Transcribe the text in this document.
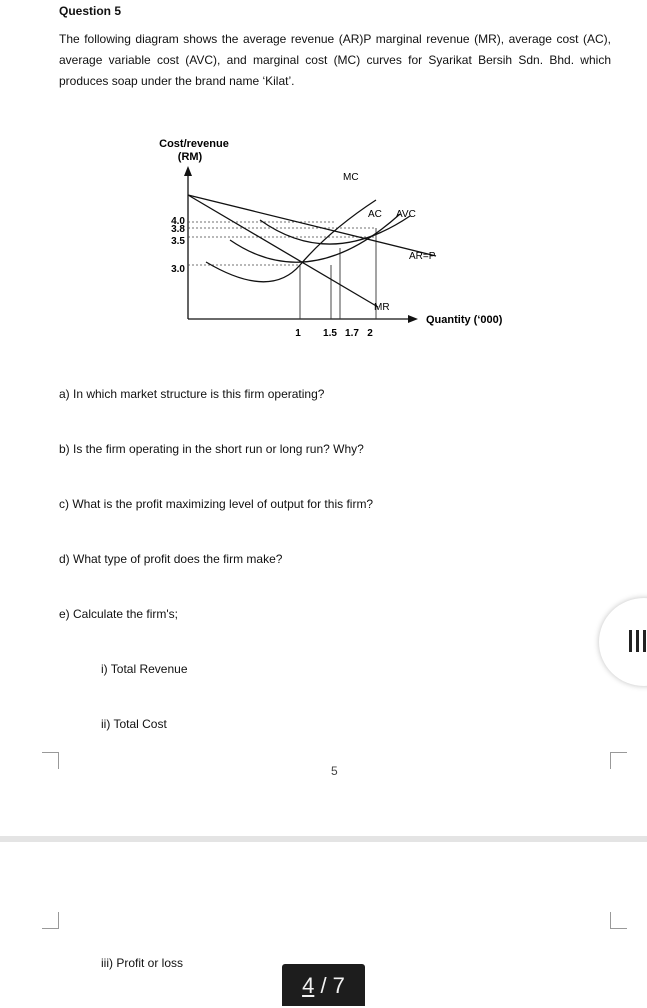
Question 5
The following diagram shows the average revenue (AR)P marginal revenue (MR), average cost (AC), average variable cost (AVC), and marginal cost (MC) curves for Syarikat Bersih Sdn. Bhd. which produces soap under the brand name ‘Kilat’.
Cost/revenue
(RM)
Quantity (‘000)
4.0
3.8
3.5
3.0
1 1.5 1.7 2
MC
AC AVC
AR=P
MR
a) In which market structure is this firm operating?
b) Is the firm operating in the short run or long run? Why?
c) What is the profit maximizing level of output for this firm?
d) What type of profit does the firm make?
e) Calculate the firm's;
i) Total Revenue
ii) Total Cost
5
iii) Profit or loss
4 / 7
